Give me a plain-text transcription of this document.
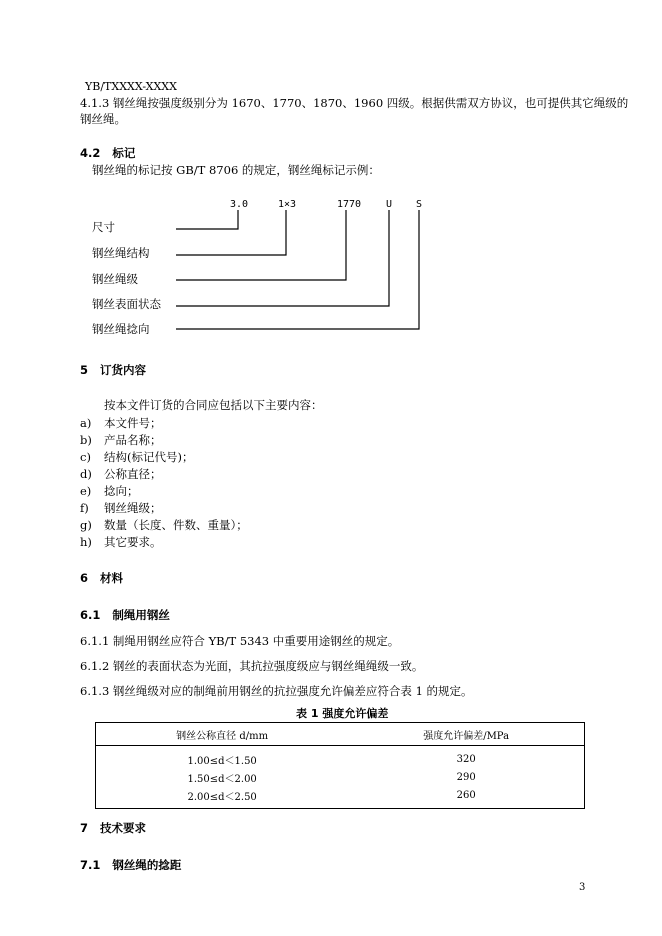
YB/TXXXX-XXXX
4.1.3 钢丝绳按强度级别分为 1670、1770、1870、1960 四级。根据供需双方协议，也可提供其它绳级的
钢丝绳。
4.2 标记
钢丝绳的标记按 GB/T 8706 的规定，钢丝绳标记示例：
3.0	1×3	1770 U S
尺寸
钢丝绳结构
钢丝绳级
钢丝表面状态
钢丝绳捻向
5 订货内容
按本文件订货的合同应包括以下主要内容：
a) 本文件号；
b) 产品名称；
c) 结构(标记代号)；
d) 公称直径；
e) 捻向；
f) 钢丝绳级；
g) 数量（长度、件数、重量）；
h) 其它要求。
6 材料
6.1 制绳用钢丝
6.1.1 制绳用钢丝应符合 YB/T 5343 中重要用途钢丝的规定。
6.1.2 钢丝的表面状态为光面，其抗拉强度级应与钢丝绳绳级一致。
6.1.3 钢丝绳级对应的制绳前用钢丝的抗拉强度允许偏差应符合表 1 的规定。
表 1 强度允许偏差
钢丝公称直径 d/mm	强度允许偏差/MPa
1.00≤d＜1.50	320
1.50≤d＜2.00	290
2.00≤d＜2.50	260
7 技术要求
7.1 钢丝绳的捻距
3
